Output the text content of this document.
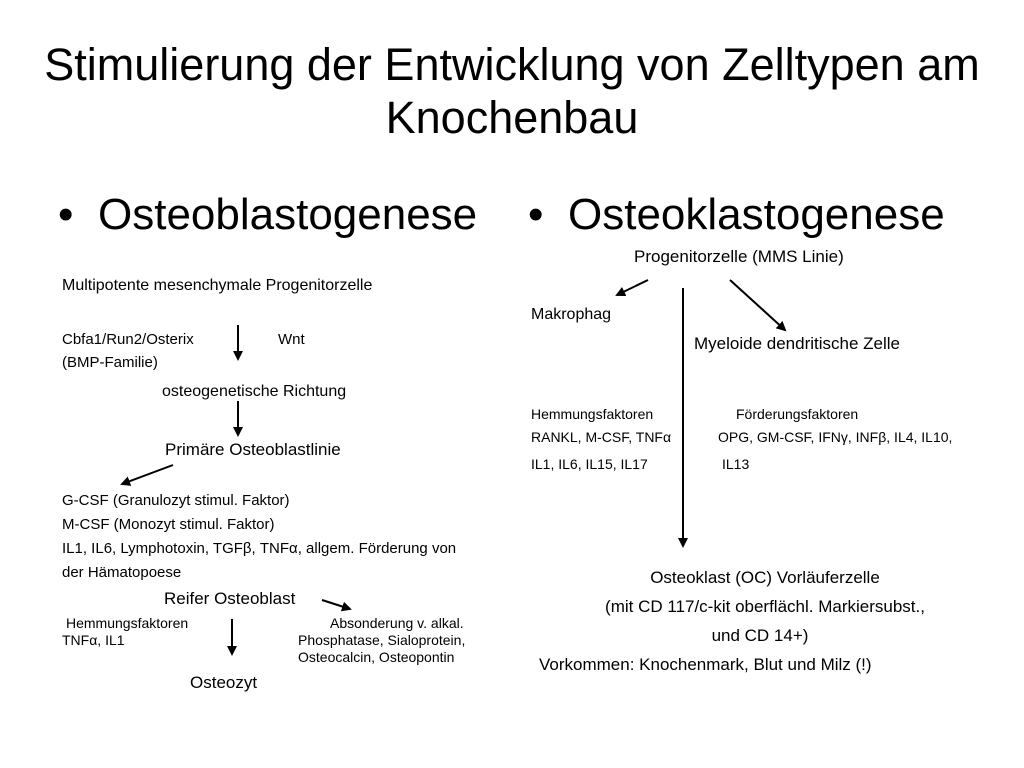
Stimulierung der Entwicklung von Zelltypen am Knochenbau
• Osteoblastogenese • Osteoklastogenese
Multipotente mesenchymale Progenitorzelle
Cbfa1/Run2/Osterix	Wnt
(BMP-Familie)
osteogenetische Richtung
Primäre Osteoblastlinie
G-CSF (Granulozyt stimul. Faktor)
M-CSF (Monozyt stimul. Faktor)
IL1, IL6, Lymphotoxin, TGFβ, TNFα, allgem. Förderung von
der Hämatopoese
Reifer Osteoblast
Hemmungsfaktoren
TNFα, IL1
Absonderung v. alkal.
Phosphatase, Sialoprotein,
Osteocalcin, Osteopontin
Osteozyt
Progenitorzelle (MMS Linie)
Makrophag
Myeloide dendritische Zelle
Hemmungsfaktoren	Förderungsfaktoren
RANKL, M-CSF, TNFα	OPG, GM-CSF, IFNγ, INFβ, IL4, IL10,
IL1, IL6, IL15, IL17	IL13
Osteoklast (OC) Vorläuferzelle
(mit CD 117/c-kit oberflächl. Markiersubst.,
und CD 14+)
Vorkommen: Knochenmark, Blut und Milz (!)
